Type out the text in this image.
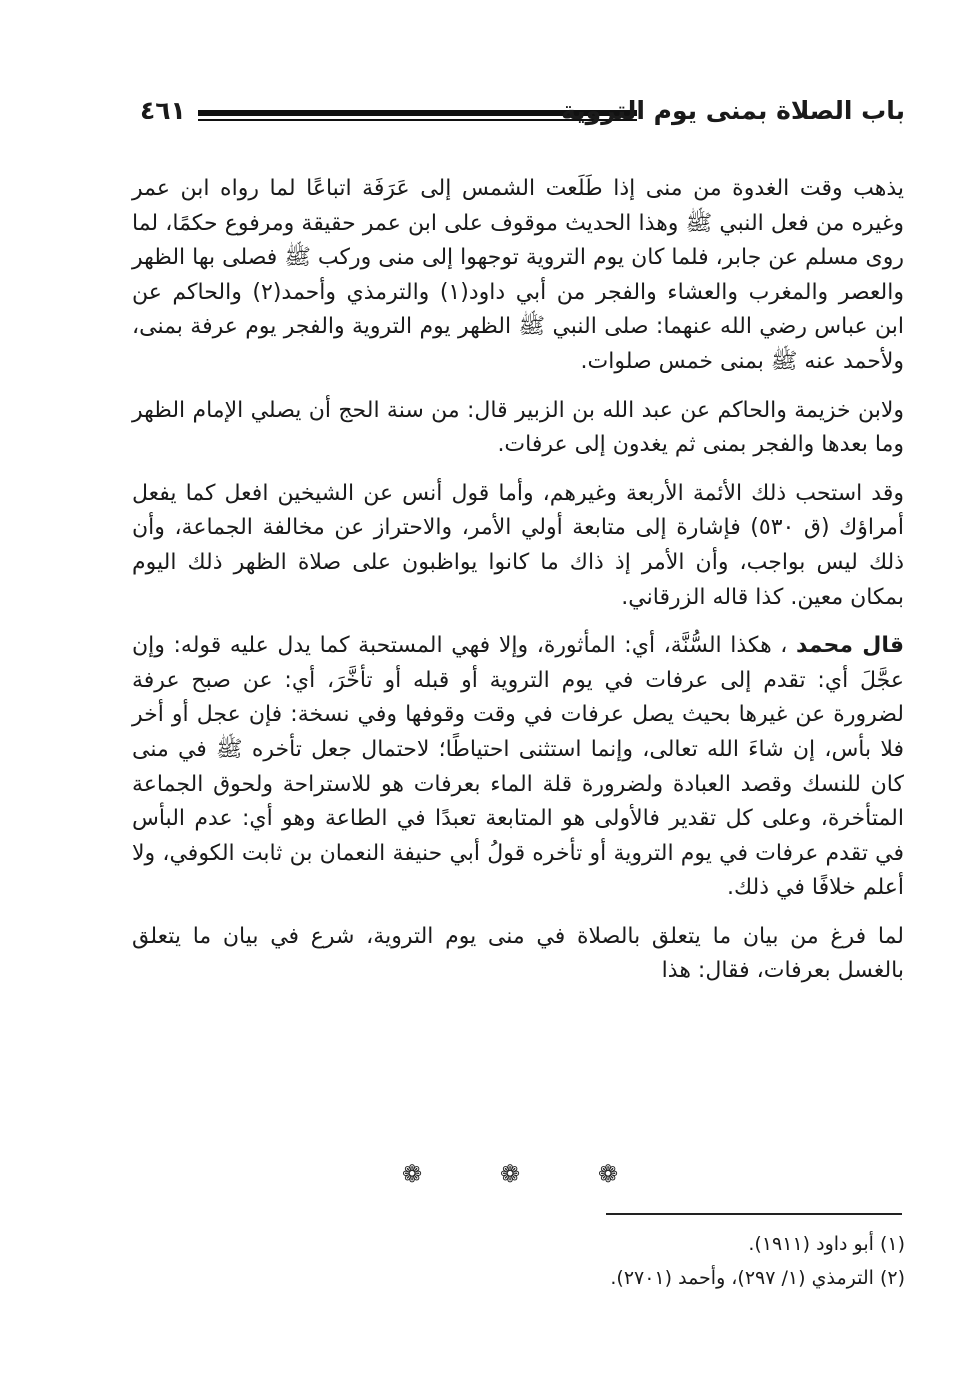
٤٦١	باب الصلاة بمنى يوم التروية

يذهب وقت الغدوة من منى إذا طَلَعت الشمس إلى عَرَفَة اتباعًا لما رواه ابن عمر وغيره من فعل النبي ﷺ وهذا الحديث موقوف على ابن عمر حقيقة ومرفوع حكمًا، لما روى مسلم عن جابر، فلما كان يوم التروية توجهوا إلى منى وركب ﷺ فصلى بها الظهر والعصر والمغرب والعشاء والفجر من أبي داود(١) والترمذي وأحمد(٢) والحاكم عن ابن عباس رضي الله عنهما: صلى النبي ﷺ الظهر يوم التروية والفجر يوم عرفة بمنى، ولأحمد عنه ﷺ بمنى خمس صلوات.

ولابن خزيمة والحاكم عن عبد الله بن الزبير قال: من سنة الحج أن يصلي الإمام الظهر وما بعدها والفجر بمنى ثم يغدون إلى عرفات.

وقد استحب ذلك الأئمة الأربعة وغيرهم، وأما قول أنس عن الشيخين افعل كما يفعل أمراؤك (ق ٥٣٠) فإشارة إلى متابعة أولي الأمر، والاحتراز عن مخالفة الجماعة، وأن ذلك ليس بواجب، وأن الأمر إذ ذاك ما كانوا يواظبون على صلاة الظهر ذلك اليوم بمكان معين. كذا قاله الزرقاني.

قال محمد ، هكذا السُّنَّة، أي: المأثورة، وإلا فهي المستحبة كما يدل عليه قوله: وإن عجَّلَ أي: تقدم إلى عرفات في يوم التروية أو قبله أو تأخَّرَ، أي: عن صبح عرفة لضرورة عن غيرها بحيث يصل عرفات في وقت وقوفها وفي نسخة: فإن عجل أو أخر فلا بأس، إن شاءَ الله تعالى، وإنما استثنى احتياطًا؛ لاحتمال جعل تأخره ﷺ في منى كان للنسك وقصد العبادة ولضرورة قلة الماء بعرفات هو للاستراحة ولحوق الجماعة المتأخرة، وعلى كل تقدير فالأولى هو المتابعة تعبدًا في الطاعة وهو أي: عدم البأس في تقدم عرفات في يوم التروية أو تأخره قولُ أبي حنيفة النعمان بن ثابت الكوفي، ولا أعلم خلافًا في ذلك.

لما فرغ من بيان ما يتعلق بالصلاة في منى يوم التروية، شرع في بيان ما يتعلق بالغسل بعرفات، فقال: هذا

❁	❁	❁
(١) أبو داود (١٩١١).
(٢) الترمذي (١/ ٢٩٧)، وأحمد (٢٧٠١).
